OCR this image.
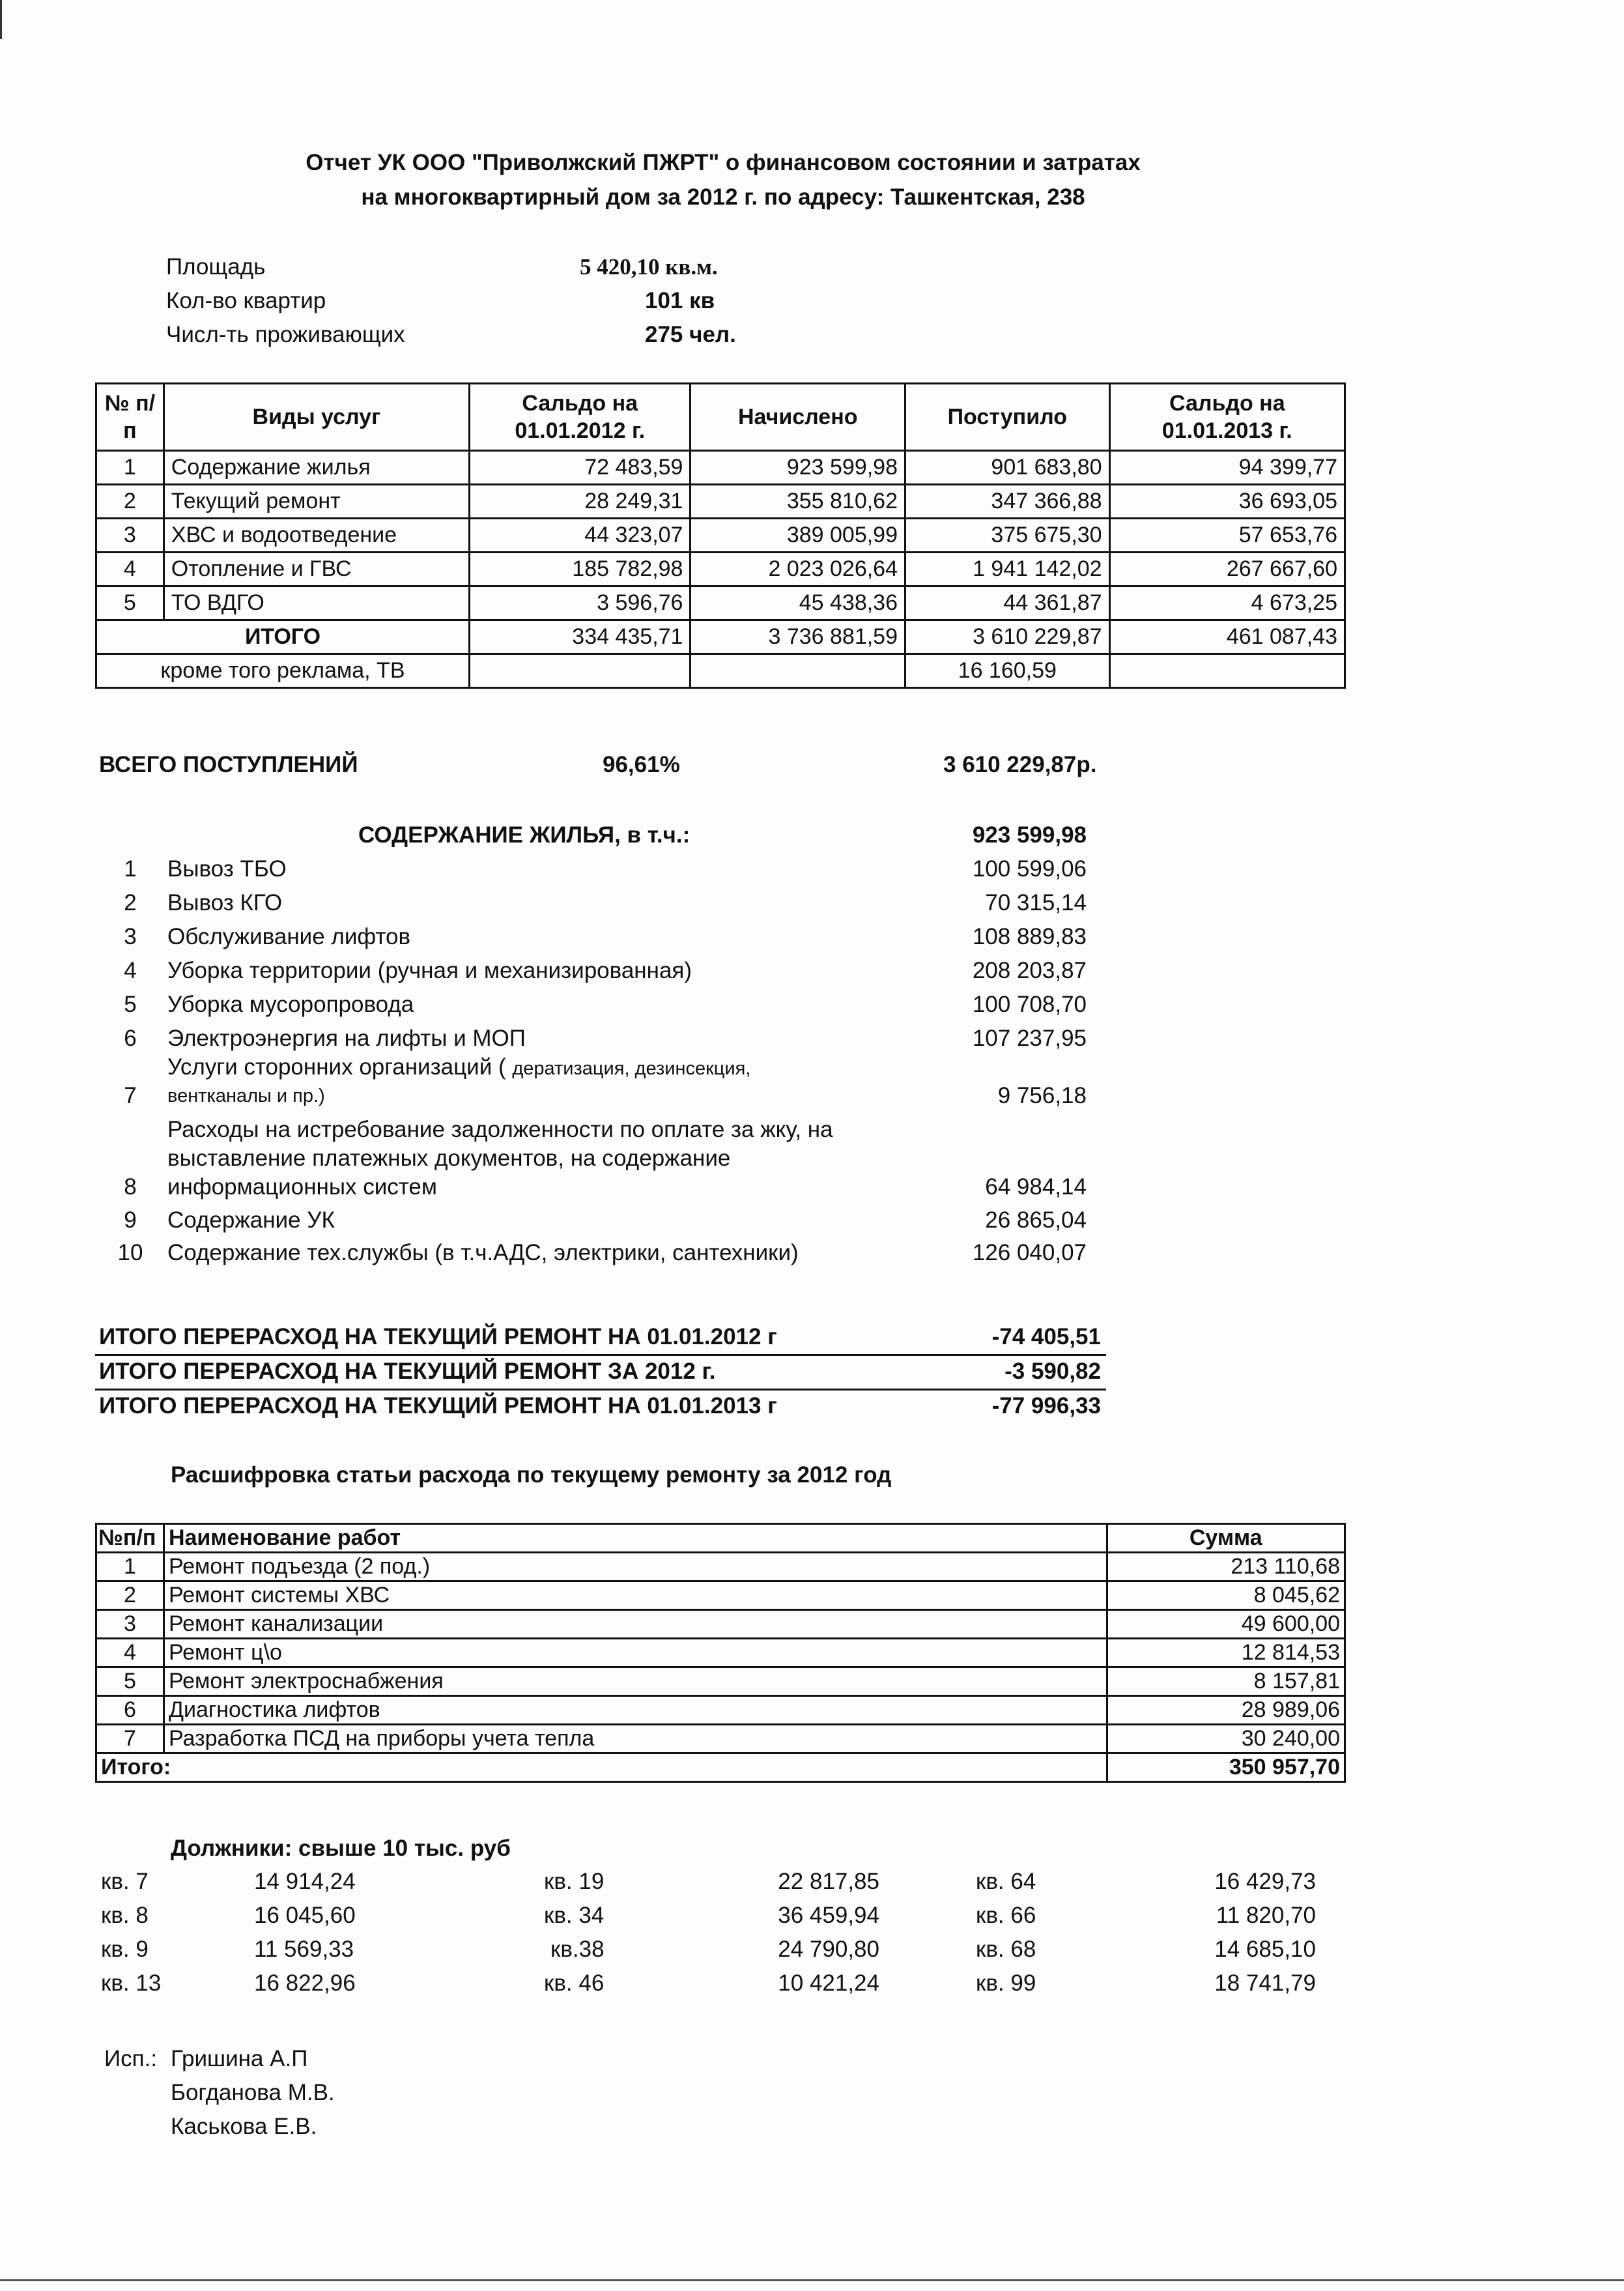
Отчет УК ООО "Приволжский ПЖРТ" о финансовом состоянии и затратах
на многоквартирный дом за 2012 г. по адресу: Ташкентская, 238
Площадь	5 420,10 кв.м.
Кол-во квартир	101 кв
Числ-ть проживающих	275 чел.
№ п/п	Виды услуг	Сальдо на 01.01.2012 г.	Начислено	Поступило	Сальдо на 01.01.2013 г.
1	Содержание жилья	72 483,59	923 599,98	901 683,80	94 399,77
2	Текущий ремонт	28 249,31	355 810,62	347 366,88	36 693,05
3	ХВС и водоотведение	44 323,07	389 005,99	375 675,30	57 653,76
4	Отопление и ГВС	185 782,98	2 023 026,64	1 941 142,02	267 667,60
5	ТО ВДГО	3 596,76	45 438,36	44 361,87	4 673,25
ИТОГО		334 435,71	3 736 881,59	3 610 229,87	461 087,43
кроме того реклама, ТВ				16 160,59	
ВСЕГО ПОСТУПЛЕНИЙ	96,61%	3 610 229,87р.
СОДЕРЖАНИЕ ЖИЛЬЯ, в т.ч.:	923 599,98
1	Вывоз ТБО	100 599,06
2	Вывоз КГО	70 315,14
3	Обслуживание лифтов	108 889,83
4	Уборка территории (ручная и механизированная)	208 203,87
5	Уборка мусоропровода	100 708,70
6	Электроэнергия на лифты и МОП	107 237,95
Услуги сторонних организаций ( дератизация, дезинсекция,
7	вентканалы и пр.)	9 756,18
Расходы на истребование задолженности по оплате за жку, на
выставление платежных документов, на содержание
8	информационных систем	64 984,14
9	Содержание УК	26 865,04
10	Содержание тех.службы (в т.ч.АДС, электрики, сантехники)	126 040,07
ИТОГО ПЕРЕРАСХОД НА ТЕКУЩИЙ РЕМОНТ НА 01.01.2012 г	-74 405,51
ИТОГО ПЕРЕРАСХОД НА ТЕКУЩИЙ РЕМОНТ ЗА 2012 г.	-3 590,82
ИТОГО ПЕРЕРАСХОД НА ТЕКУЩИЙ РЕМОНТ НА 01.01.2013 г	-77 996,33
Расшифровка статьи расхода по текущему ремонту за 2012 год
№п/п	Наименование работ	Сумма
1	Ремонт подъезда (2 под.)	213 110,68
2	Ремонт системы ХВС	8 045,62
3	Ремонт канализации	49 600,00
4	Ремонт ц\о	12 814,53
5	Ремонт электроснабжения	8 157,81
6	Диагностика лифтов	28 989,06
7	Разработка ПСД на приборы учета тепла	30 240,00
Итого:		350 957,70
Должники: свыше 10 тыс. руб
кв. 7	14 914,24	кв. 19	22 817,85	кв. 64	16 429,73
кв. 8	16 045,60	кв. 34	36 459,94	кв. 66	11 820,70
кв. 9	11 569,33	кв.38	24 790,80	кв. 68	14 685,10
кв. 13	16 822,96	кв. 46	10 421,24	кв. 99	18 741,79
Исп.: Гришина А.П
Богданова М.В.
Каськова Е.В.
